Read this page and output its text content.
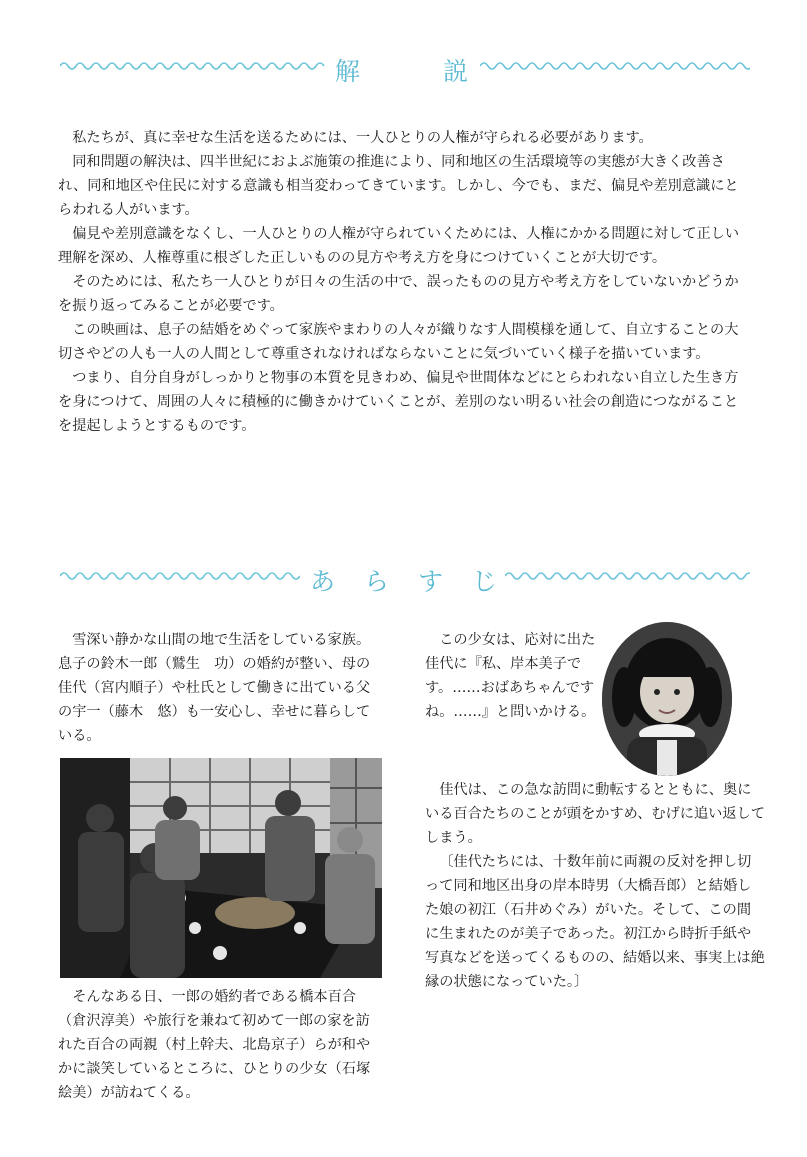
解　　　説

私たちが、真に幸せな生活を送るためには、一人ひとりの人権が守られる必要があります。

同和問題の解決は、四半世紀におよぶ施策の推進により、同和地区の生活環境等の実態が大きく改善され、同和地区や住民に対する意識も相当変わってきています。しかし、今でも、まだ、偏見や差別意識にとらわれる人がいます。

偏見や差別意識をなくし、一人ひとりの人権が守られていくためには、人権にかかる問題に対して正しい理解を深め、人権尊重に根ざした正しいものの見方や考え方を身につけていくことが大切です。

そのためには、私たち一人ひとりが日々の生活の中で、誤ったものの見方や考え方をしていないかどうかを振り返ってみることが必要です。

この映画は、息子の結婚をめぐって家族やまわりの人々が織りなす人間模様を通して、自立することの大切さやどの人も一人の人間として尊重されなければならないことに気づいていく様子を描いています。

つまり、自分自身がしっかりと物事の本質を見きわめ、偏見や世間体などにとらわれない自立した生き方を身につけて、周囲の人々に積極的に働きかけていくことが、差別のない明るい社会の創造につながることを提起しようとするものです。

あ　ら　す　じ

雪深い静かな山間の地で生活をしている家族。息子の鈴木一郎（鷲生　功）の婚約が整い、母の佳代（宮内順子）や杜氏として働きに出ている父の宇一（藤木　悠）も一安心し、幸せに暮らしている。

そんなある日、一郎の婚約者である橋本百合（倉沢淳美）や旅行を兼ねて初めて一郎の家を訪れた百合の両親（村上幹夫、北島京子）らが和やかに談笑しているところに、ひとりの少女（石塚絵美）が訪ねてくる。

この少女は、応対に出た佳代に『私、岸本美子です。……おばあちゃんですね。……』と問いかける。

佳代は、この急な訪問に動転するとともに、奥にいる百合たちのことが頭をかすめ、むげに追い返してしまう。

〔佳代たちには、十数年前に両親の反対を押し切って同和地区出身の岸本時男（大橋吾郎）と結婚した娘の初江（石井めぐみ）がいた。そして、この間に生まれたのが美子であった。初江から時折手紙や写真などを送ってくるものの、結婚以来、事実上は絶縁の状態になっていた。〕
